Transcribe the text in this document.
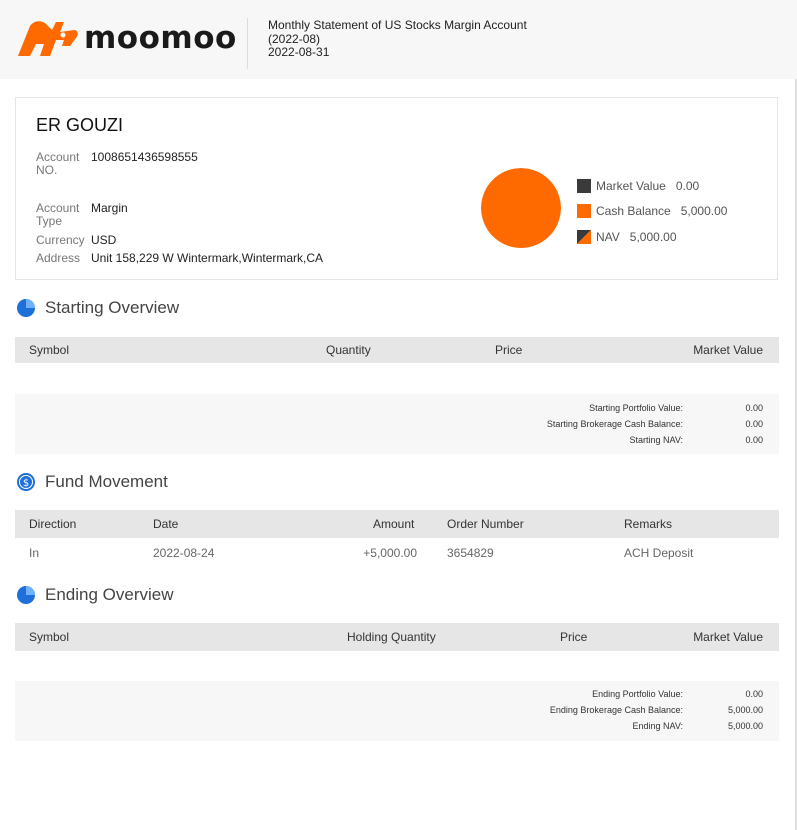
moomoo	Monthly Statement of US Stocks Margin Account
(2022-08)
2022-08-31
ER GOUZI
Account
NO.
1008651436598555
Account
Type
Margin
Currency USD
Address Unit 158,229 W Wintermark,Wintermark,CA
Market Value 0.00
Cash Balance 5,000.00
NAV 5,000.00
Starting Overview
Symbol	Quantity	Price	Market Value
Starting Portfolio Value:	0.00
Starting Brokerage Cash Balance:	0.00
Starting NAV:	0.00
$ Fund Movement
Direction	Date	Amount	Order Number	Remarks
In	2022-08-24	+5,000.00	3654829	ACH Deposit
Ending Overview
Symbol	Holding Quantity	Price	Market Value
Ending Portfolio Value:	0.00
Ending Brokerage Cash Balance:	5,000.00
Ending NAV:	5,000.00
